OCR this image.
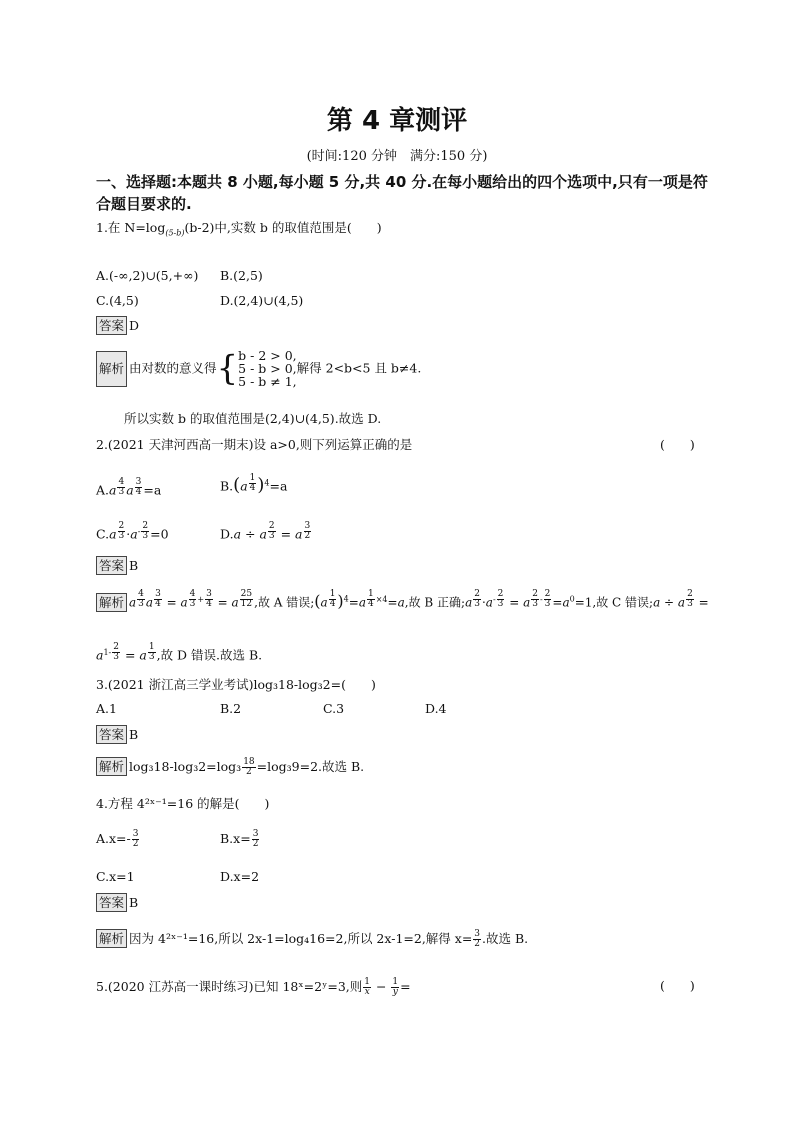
第 4 章测评
(时间:120 分钟　满分:150 分)
一、选择题:本题共 8 小题,每小题 5 分,共 40 分.在每小题给出的四个选项中,只有一项是符合题目要求的.
1.在 $N=\log_{(5-b)}(b-2)$中,实数 b 的取值范围是(　　)
A.(-∞,2)∪(5,+∞) B.(2,5)
C.(4,5)	D.(2,4)∪(4,5)
答案 D
解析 由对数的意义得{ b - 2 > 0,
5 - b > 0,
5 - b ≠ 1,
解得 2<b<5 且 b≠4.
所以实数 b 的取值范围是(2,4)∪(4,5).故选 D.
2.(2021 天津河西高一期末)设 a>0,则下列运算正确的是	(　　)
A.a $^{\frac{4}{3}}$ a $^{\frac{3}{4}}$ =a	B.(a $^{\frac{1}{4}}$ )$^4$=a
C.a $^{\frac{2}{3}} \cdot a^{- \frac{2}{3}} =0$	D.a ÷ a $^{\frac{2}{3}}$ = a $^{\frac{3}{2}}$
答案 B
解析 a $^{\frac{4}{3}}$ a $^{\frac{3}{4}}$ = a $^{\frac{4}{3} + \frac{3}{4}}$ = a $^{\frac{25}{12}}$ ,故 A 错误;(a $^{\frac{1}{4}}$ )$^4$=a $^{\frac{1}{4} \times 4}$=a,故 B 正确;a $^{\frac{2}{3}} \cdot a^{- \frac{2}{3}} = a$ $^{\frac{2}{3} - \frac{2}{3}} =a^0=1$,故 C 错误;a ÷ a $^{\frac{2}{3}}$ =
$a^{1- \frac{2}{3}} = a$ $^{\frac{1}{3}}$ ,故 D 错误.故选 B.
3.(2021 浙江高三学业考试)log₃18-log₃2=(　　)
A.1	B.2	C.3	D.4
答案 B
解析 $\log_318-\log_32=\log_3 \frac{18}{2} =\log_39=2$.故选 B.
4.方程 4²ˣ⁻¹=16 的解是(　　)
$A.x=- \frac{3}{2}$	$B.x= \frac{3}{2}$
C.x=1	D.x=2
答案 B
解析 因为 4²ˣ⁻¹=16,所以 2x-1=log₄16=2,所以 2x-1=2,解得 $x= \frac{3}{2}$ .故选 B.
5.(2020 江苏高一课时练习)已知 18ˣ=2ʸ=3,则 $\frac{1}{x} - \frac{1}{y}$ =	(　　)
